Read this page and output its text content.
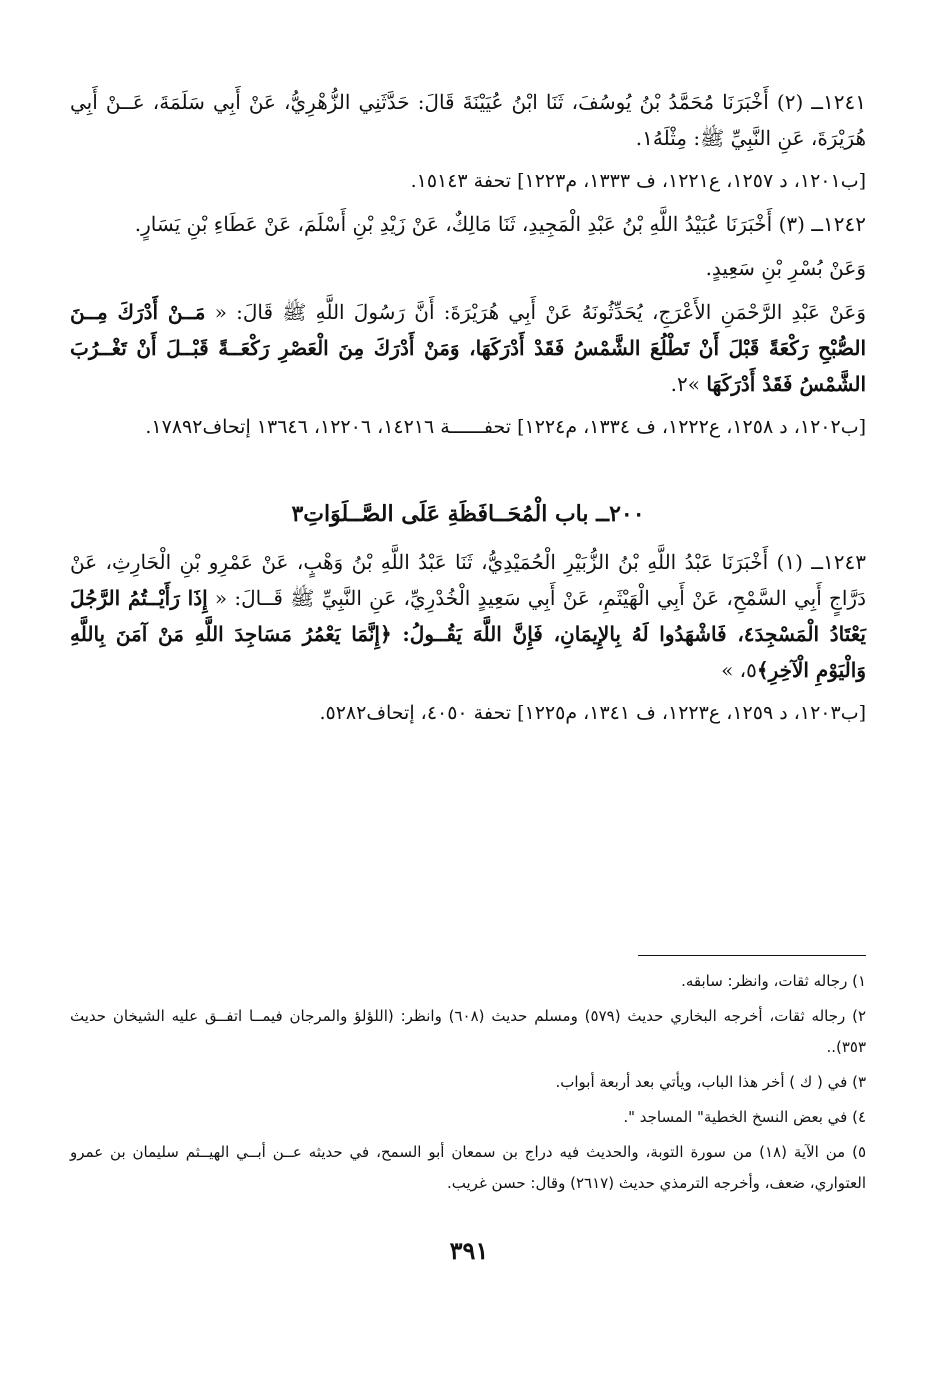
١٢٤١ــ (٢) أَخْبَرَنَا مُحَمَّدُ بْنُ يُوسُفَ، ثَنَا ابْنُ عُيَيْنَةَ قَالَ: حَدَّثَنِي الزُّهْرِيُّ، عَنْ أَبِي سَلَمَةَ، عَــنْ أَبِي هُرَيْرَةَ، عَنِ النَّبِيِّ ﷺ: مِثْلَهُ١.

[ب١٢٠١، د ١٢٥٧، ع١٢٢١، ف ١٣٣٣، م١٢٢٣] تحفة ١٥١٤٣.

١٢٤٢ــ (٣) أَخْبَرَنَا عُبَيْدُ اللَّهِ بْنُ عَبْدِ الْمَجِيدِ، ثَنَا مَالِكٌ، عَنْ زَيْدِ بْنِ أَسْلَمَ، عَنْ عَطَاءِ بْنِ يَسَارٍ.

وَعَنْ بُسْرِ بْنِ سَعِيدٍ.

وَعَنْ عَبْدِ الرَّحْمَنِ الأَعْرَجِ، يُحَدِّثُونَهُ عَنْ أَبِي هُرَيْرَةَ: أَنَّ رَسُولَ اللَّهِ ﷺ قَالَ: « مَــنْ أَدْرَكَ مِــنَ الصُّبْحِ رَكْعَةً قَبْلَ أَنْ تَطْلُعَ الشَّمْسُ فَقَدْ أَدْرَكَهَا، وَمَنْ أَدْرَكَ مِنَ الْعَصْرِ رَكْعَــةً قَبْــلَ أَنْ تَغْــرُبَ الشَّمْسُ فَقَدْ أَدْرَكَهَا »٢.

[ب١٢٠٢، د ١٢٥٨، ع١٢٢٢، ف ١٣٣٤، م١٢٢٤] تحفــــــة ١٤٢١٦، ١٢٢٠٦، ١٣٦٤٦ إتحاف١٧٨٩٢.

٢٠٠ــ باب الْمُحَــافَظَةِ عَلَى الصَّــلَوَاتِ٣

١٢٤٣ــ (١) أَخْبَرَنَا عَبْدُ اللَّهِ بْنُ الزُّبَيْرِ الْحُمَيْدِيُّ، ثَنَا عَبْدُ اللَّهِ بْنُ وَهْبٍ، عَنْ عَمْرِو بْنِ الْحَارِثِ، عَنْ دَرَّاجٍ أَبِي السَّمْحِ، عَنْ أَبِي الْهَيْثَمِ، عَنْ أَبِي سَعِيدٍ الْخُدْرِيِّ، عَنِ النَّبِيِّ ﷺ قَــالَ: « إِذَا رَأَيْــتُمُ الرَّجُلَ يَعْتَادُ الْمَسْجِدَ٤، فَاشْهَدُوا لَهُ بِالإِيمَانِ، فَإِنَّ اللَّهَ يَقُــولُ: ﴿إِنَّمَا يَعْمُرُ مَسَاجِدَ اللَّهِ مَنْ آمَنَ بِاللَّهِ وَالْيَوْمِ الْآخِرِ﴾٥، »

[ب١٢٠٣، د ١٢٥٩، ع١٢٢٣، ف ١٣٤١، م١٢٢٥] تحفة ٤٠٥٠، إتحاف٥٢٨٢.

١) رجاله ثقات، وانظر: سابقه.

٢) رجاله ثقات، أخرجه البخاري حديث (٥٧٩) ومسلم حديث (٦٠٨) وانظر: (اللؤلؤ والمرجان فيمــا اتفــق عليه الشيخان حديث ٣٥٣)..

٣) في ( ك ) أخر هذا الباب، ويأتي بعد أربعة أبواب.

٤) في بعض النسخ الخطية" المساجد ".

٥) من الآية (١٨) من سورة التوبة، والحديث فيه دراج بن سمعان أبو السمح، في حديثه عــن أبــي الهيــثم سليمان بن عمرو العتواري، ضعف، وأخرجه الترمذي حديث (٢٦١٧) وقال: حسن غريب.

٣٩١
